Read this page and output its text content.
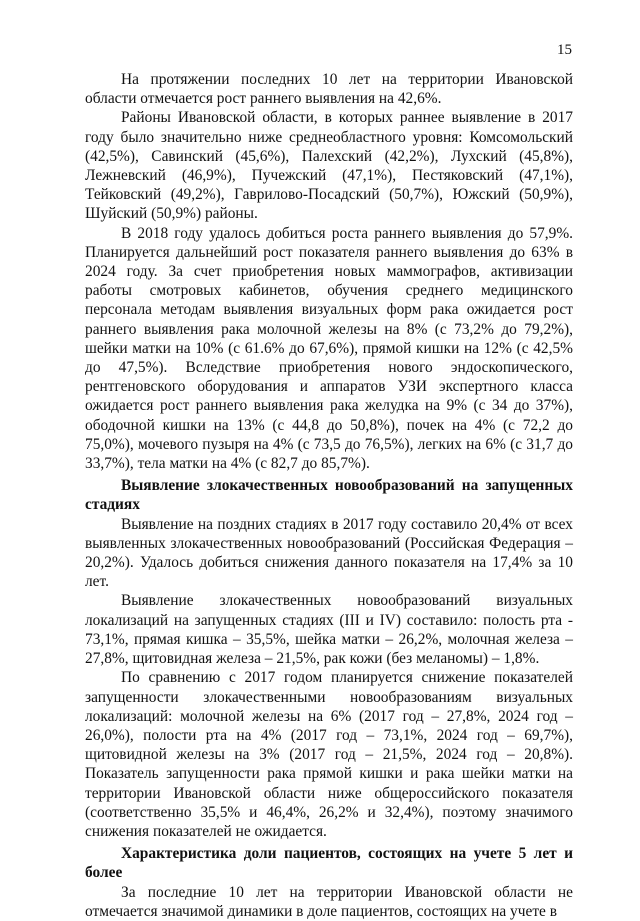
15

На протяжении последних 10 лет на территории Ивановской области отмечается рост раннего выявления на 42,6%.

Районы Ивановской области, в которых раннее выявление в 2017 году было значительно ниже среднеобластного уровня: Комсомольский (42,5%), Савинский (45,6%), Палехский (42,2%), Лухский (45,8%), Лежневский (46,9%), Пучежский (47,1%), Пестяковский (47,1%), Тейковский (49,2%), Гаврилово-Посадский (50,7%), Южский (50,9%), Шуйский (50,9%) районы.

В 2018 году удалось добиться роста раннего выявления до 57,9%. Планируется дальнейший рост показателя раннего выявления до 63% в 2024 году. За счет приобретения новых маммографов, активизации работы смотровых кабинетов, обучения среднего медицинского персонала методам выявления визуальных форм рака ожидается рост раннего выявления рака молочной железы на 8% (с 73,2% до 79,2%), шейки матки на 10% (с 61.6% до 67,6%), прямой кишки на 12% (с 42,5% до 47,5%). Вследствие приобретения нового эндоскопического, рентгеновского оборудования и аппаратов УЗИ экспертного класса ожидается рост раннего выявления рака желудка на 9% (с 34 до 37%), ободочной кишки на 13% (с 44,8 до 50,8%), почек на 4% (с 72,2 до 75,0%), мочевого пузыря на 4% (с 73,5 до 76,5%), легких на 6% (с 31,7 до 33,7%), тела матки на 4% (с 82,7 до 85,7%).

Выявление злокачественных новообразований на запущенных стадиях

Выявление на поздних стадиях в 2017 году составило 20,4% от всех выявленных злокачественных новообразований (Российская Федерация – 20,2%). Удалось добиться снижения данного показателя на 17,4% за 10 лет.

Выявление злокачественных новообразований визуальных локализаций на запущенных стадиях (III и IV) составило: полость рта - 73,1%, прямая кишка – 35,5%, шейка матки – 26,2%, молочная железа – 27,8%, щитовидная железа – 21,5%, рак кожи (без меланомы) – 1,8%.

По сравнению с 2017 годом планируется снижение показателей запущенности злокачественными новообразованиям визуальных локализаций: молочной железы на 6% (2017 год – 27,8%, 2024 год – 26,0%), полости рта на 4% (2017 год – 73,1%, 2024 год – 69,7%), щитовидной железы на 3% (2017 год – 21,5%, 2024 год – 20,8%). Показатель запущенности рака прямой кишки и рака шейки матки на территории Ивановской области ниже общероссийского показателя (соответственно 35,5% и 46,4%, 26,2% и 32,4%), поэтому значимого снижения показателей не ожидается.

Характеристика доли пациентов, состоящих на учете 5 лет и более

За последние 10 лет на территории Ивановской области не отмечается значимой динамики в доле пациентов, состоящих на учете в
